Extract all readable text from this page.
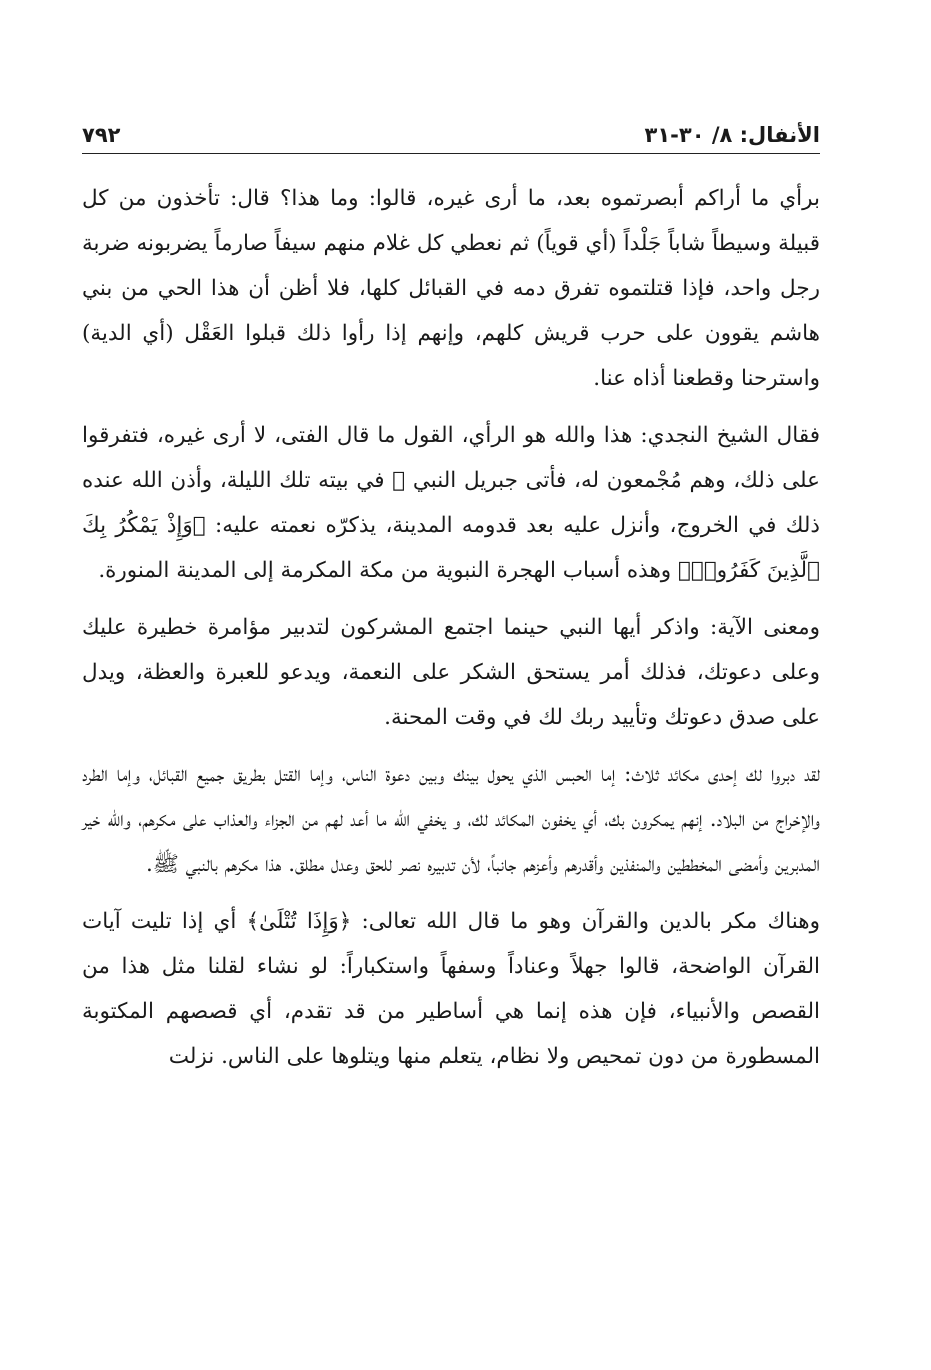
الأنفال: ٨/ ٣٠-٣١
٧٩٢

برأي ما أراكم أبصرتموه بعد، ما أرى غيره، قالوا: وما هذا؟ قال: تأخذون من كل قبيلة وسيطاً شاباً جَلْداً (أي قوياً) ثم نعطي كل غلام منهم سيفاً صارماً يضربونه ضربة رجل واحد، فإذا قتلتموه تفرق دمه في القبائل كلها، فلا أظن أن هذا الحي من بني هاشم يقوون على حرب قريش كلهم، وإنهم إذا رأوا ذلك قبلوا العَقْل (أي الدية) واسترحنا وقطعنا أذاه عنا.

فقال الشيخ النجدي: هذا والله هو الرأي، القول ما قال الفتى، لا أرى غيره، فتفرقوا على ذلك، وهم مُجْمعون له، فأتى جبريل النبي ﷺ في بيته تلك الليلة، وأذن الله عنده ذلك في الخروج، وأنزل عليه بعد قدومه المدينة، يذكرّه نعمته عليه: ﴿وَإِذْ يَمْكُرُ بِكَ ٱلَّذِينَ كَفَرُوا۟﴾ وهذه أسباب الهجرة النبوية من مكة المكرمة إلى المدينة المنورة.

ومعنى الآية: واذكر أيها النبي حينما اجتمع المشركون لتدبير مؤامرة خطيرة عليك وعلى دعوتك، فذلك أمر يستحق الشكر على النعمة، ويدعو للعبرة والعظة، ويدل على صدق دعوتك وتأييد ربك لك في وقت المحنة.

لقد دبروا لك إحدى مكائد ثلاث: إما الحبس الذي يحول بينك وبين دعوة الناس، وإما القتل بطريق جميع القبائل، وإما الطرد والإخراج من البلاد. إنهم يمكرون بك، أي يخفون المكائد لك، و يخفي الله ما أعد لهم من الجزاء والعذاب على مكرهم، والله خير المدبرين وأمضى المخططين والمنفذين وأقدرهم وأعزهم جانباً، لأن تدبيره نصر للحق وعدل مطلق. هذا مكرهم بالنبي ﷺ.

وهناك مكر بالدين والقرآن وهو ما قال الله تعالى: ﴿وَإِذَا تُتْلَىٰ﴾ أي إذا تليت آيات القرآن الواضحة، قالوا جهلاً وعناداً وسفهاً واستكباراً: لو نشاء لقلنا مثل هذا من القصص والأنبياء، فإن هذه إنما هي أساطير من قد تقدم، أي قصصهم المكتوبة المسطورة من دون تمحيص ولا نظام، يتعلم منها ويتلوها على الناس. نزلت
